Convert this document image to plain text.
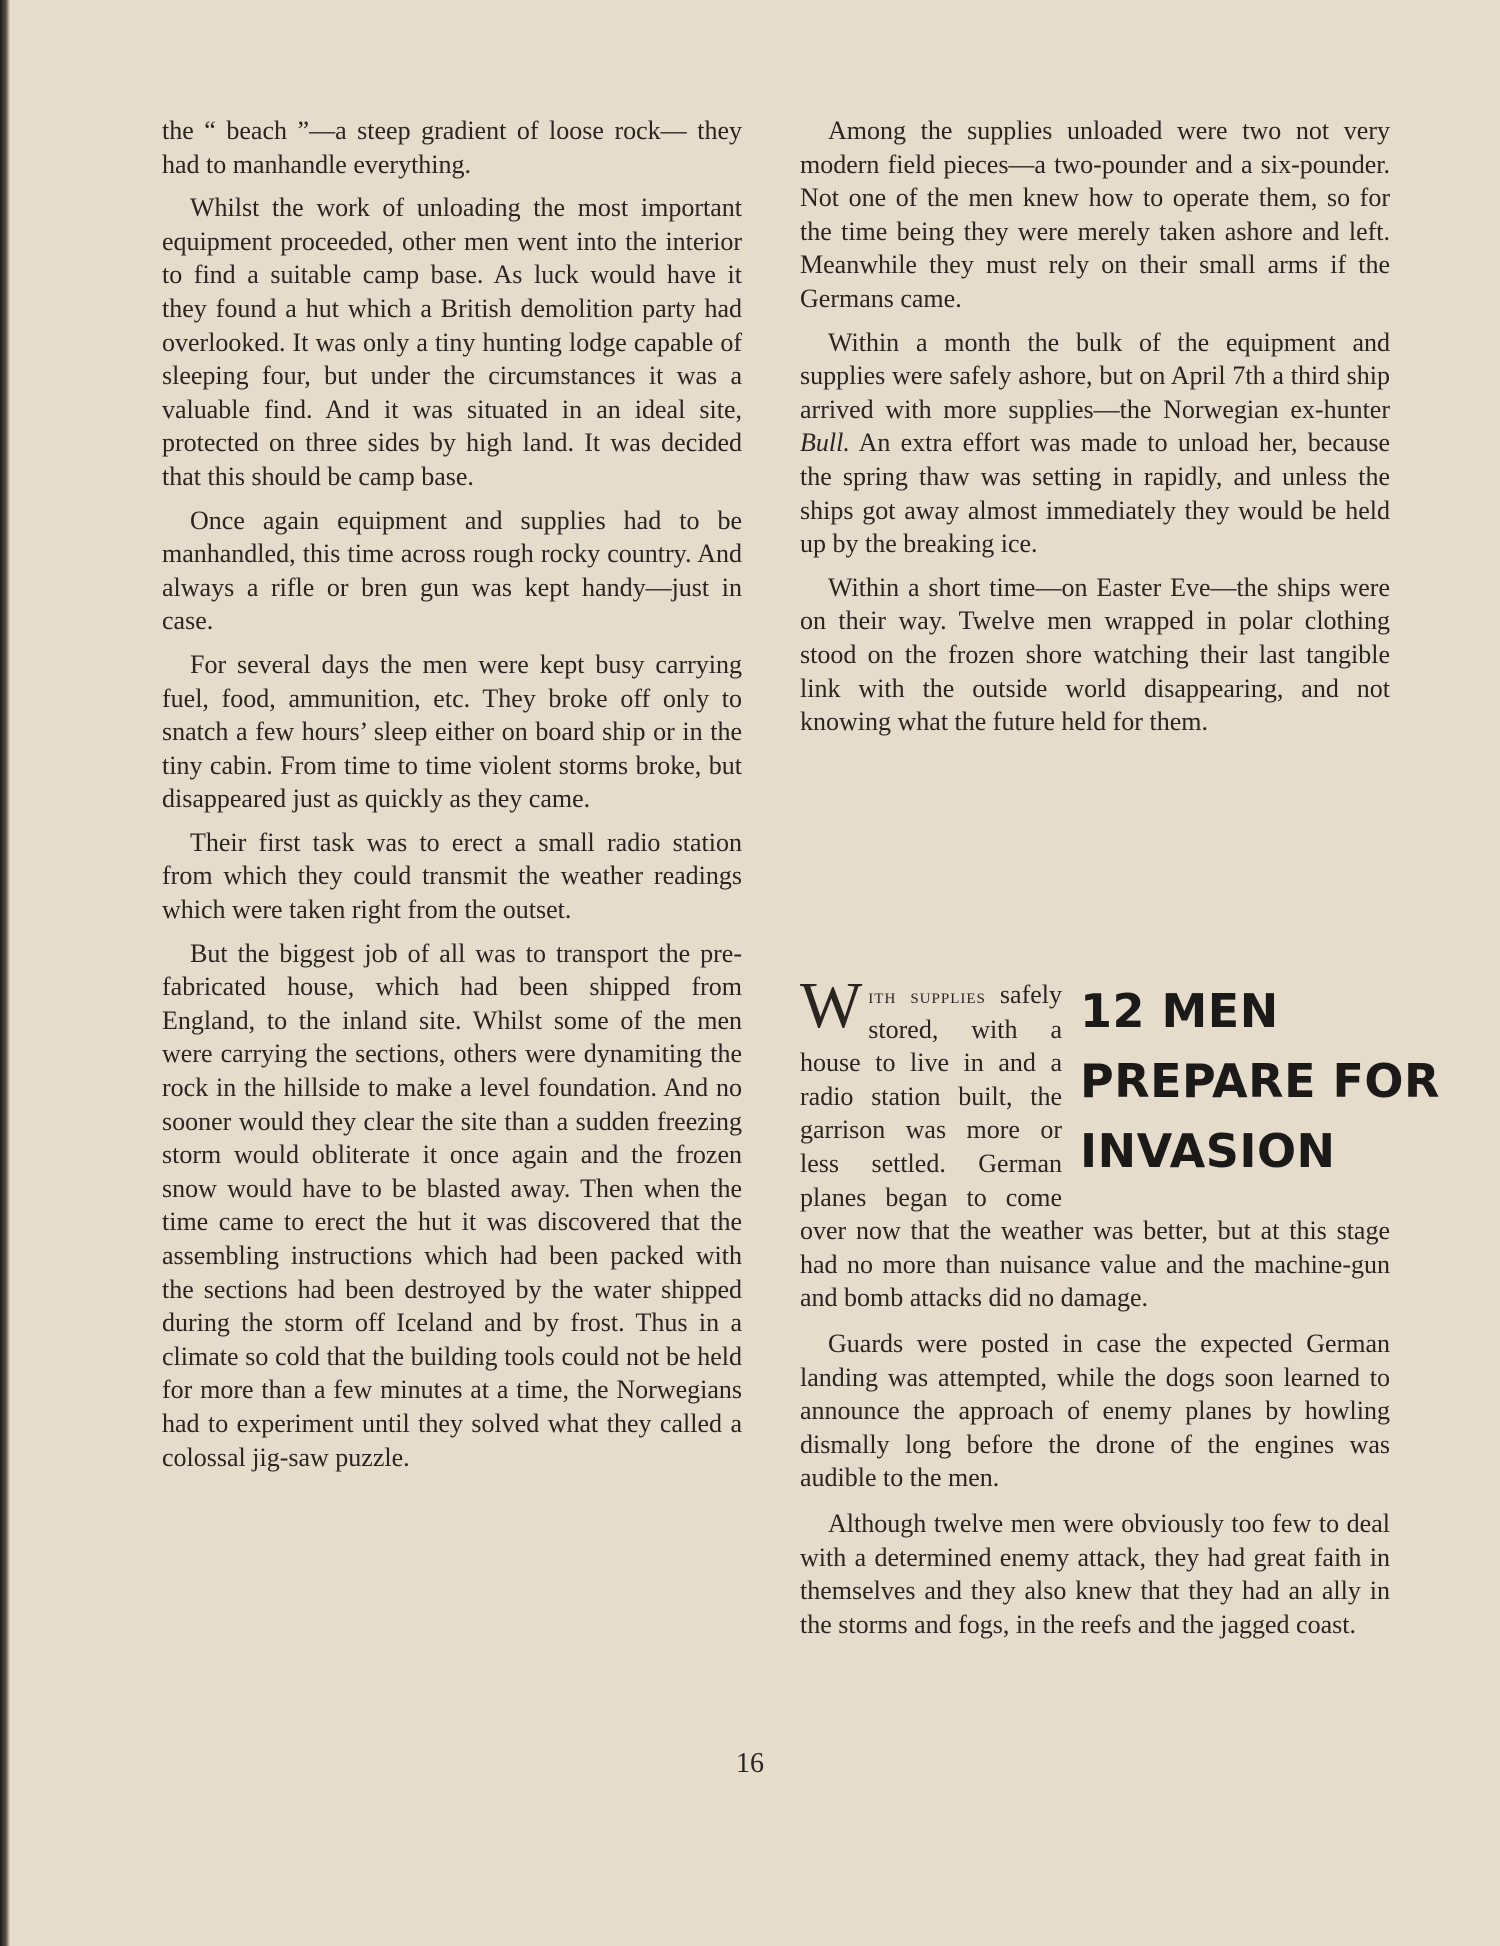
the “ beach ”—a steep gradient of loose rock— they had to manhandle everything.

Whilst the work of unloading the most important equipment proceeded, other men went into the interior to find a suitable camp base. As luck would have it they found a hut which a British demolition party had overlooked. It was only a tiny hunting lodge capable of sleeping four, but under the circumstances it was a valuable find. And it was situated in an ideal site, protected on three sides by high land. It was decided that this should be camp base.

Once again equipment and supplies had to be manhandled, this time across rough rocky country. And always a rifle or bren gun was kept handy—just in case.

For several days the men were kept busy carrying fuel, food, ammunition, etc. They broke off only to snatch a few hours’ sleep either on board ship or in the tiny cabin. From time to time violent storms broke, but disappeared just as quickly as they came.

Their first task was to erect a small radio station from which they could transmit the weather readings which were taken right from the outset.

But the biggest job of all was to transport the pre-fabricated house, which had been shipped from England, to the inland site. Whilst some of the men were carrying the sections, others were dynamiting the rock in the hillside to make a level foundation. And no sooner would they clear the site than a sudden freezing storm would obliterate it once again and the frozen snow would have to be blasted away. Then when the time came to erect the hut it was discovered that the assembling instructions which had been packed with the sections had been destroyed by the water shipped during the storm off Iceland and by frost. Thus in a climate so cold that the building tools could not be held for more than a few minutes at a time, the Norwegians had to experiment until they solved what they called a colossal jig-saw puzzle.

Among the supplies unloaded were two not very modern field pieces—a two-pounder and a six-pounder. Not one of the men knew how to operate them, so for the time being they were merely taken ashore and left. Meanwhile they must rely on their small arms if the Germans came.

Within a month the bulk of the equipment and supplies were safely ashore, but on April 7th a third ship arrived with more supplies—the Norwegian ex-hunter Bull. An extra effort was made to unload her, because the spring thaw was setting in rapidly, and unless the ships got away almost immediately they would be held up by the breaking ice.

Within a short time—on Easter Eve—the ships were on their way. Twelve men wrapped in polar clothing stood on the frozen shore watching their last tangible link with the outside world disappearing, and not knowing what the future held for them.

12 MEN
PREPARE FOR
INVASION

With supplies safely stored, with a house to live in and a radio station built, the garrison was more or less settled. German planes began to come over now that the weather was better, but at this stage had no more than nuisance value and the machine-gun and bomb attacks did no damage.

Guards were posted in case the expected German landing was attempted, while the dogs soon learned to announce the approach of enemy planes by howling dismally long before the drone of the engines was audible to the men.

Although twelve men were obviously too few to deal with a determined enemy attack, they had great faith in themselves and they also knew that they had an ally in the storms and fogs, in the reefs and the jagged coast.

16
